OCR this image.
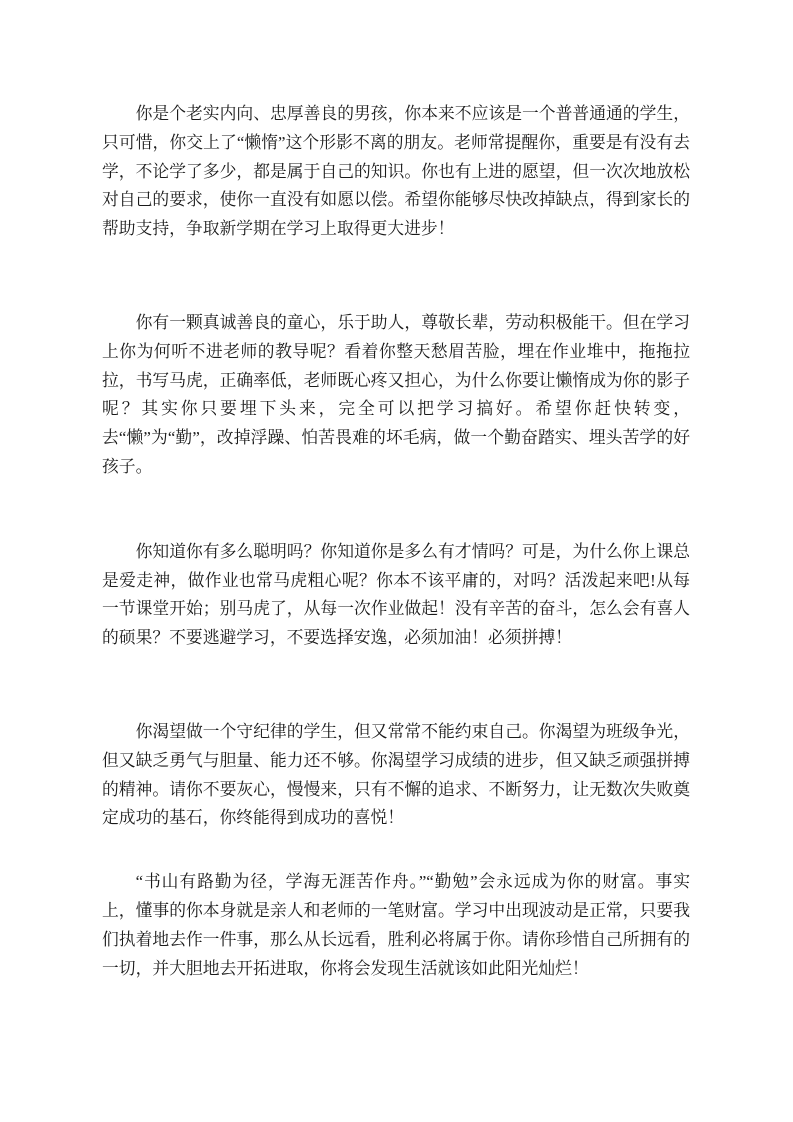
你是个老实内向、忠厚善良的男孩，你本来不应该是一个普普通通的学生，只可惜，你交上了“懒惰”这个形影不离的朋友。老师常提醒你，重要是有没有去学，不论学了多少，都是属于自己的知识。你也有上进的愿望，但一次次地放松对自己的要求，使你一直没有如愿以偿。希望你能够尽快改掉缺点，得到家长的帮助支持，争取新学期在学习上取得更大进步！

你有一颗真诚善良的童心，乐于助人，尊敬长辈，劳动积极能干。但在学习上你为何听不进老师的教导呢？看着你整天愁眉苦脸，埋在作业堆中，拖拖拉拉，书写马虎，正确率低，老师既心疼又担心，为什么你要让懒惰成为你的影子呢？其实你只要埋下头来，完全可以把学习搞好。希望你赶快转变，去“懒”为“勤”，改掉浮躁、怕苦畏难的坏毛病，做一个勤奋踏实、埋头苦学的好孩子。

你知道你有多么聪明吗？你知道你是多么有才情吗？可是，为什么你上课总是爱走神，做作业也常马虎粗心呢？你本不该平庸的，对吗？活泼起来吧!从每一节课堂开始；别马虎了，从每一次作业做起！没有辛苦的奋斗，怎么会有喜人的硕果？不要逃避学习，不要选择安逸，必须加油！必须拼搏！

你渴望做一个守纪律的学生，但又常常不能约束自己。你渴望为班级争光，但又缺乏勇气与胆量、能力还不够。你渴望学习成绩的进步，但又缺乏顽强拼搏的精神。请你不要灰心，慢慢来，只有不懈的追求、不断努力，让无数次失败奠定成功的基石，你终能得到成功的喜悦！

“书山有路勤为径，学海无涯苦作舟。”“勤勉”会永远成为你的财富。事实上，懂事的你本身就是亲人和老师的一笔财富。学习中出现波动是正常，只要我们执着地去作一件事，那么从长远看，胜利必将属于你。请你珍惜自己所拥有的一切，并大胆地去开拓进取，你将会发现生活就该如此阳光灿烂！
